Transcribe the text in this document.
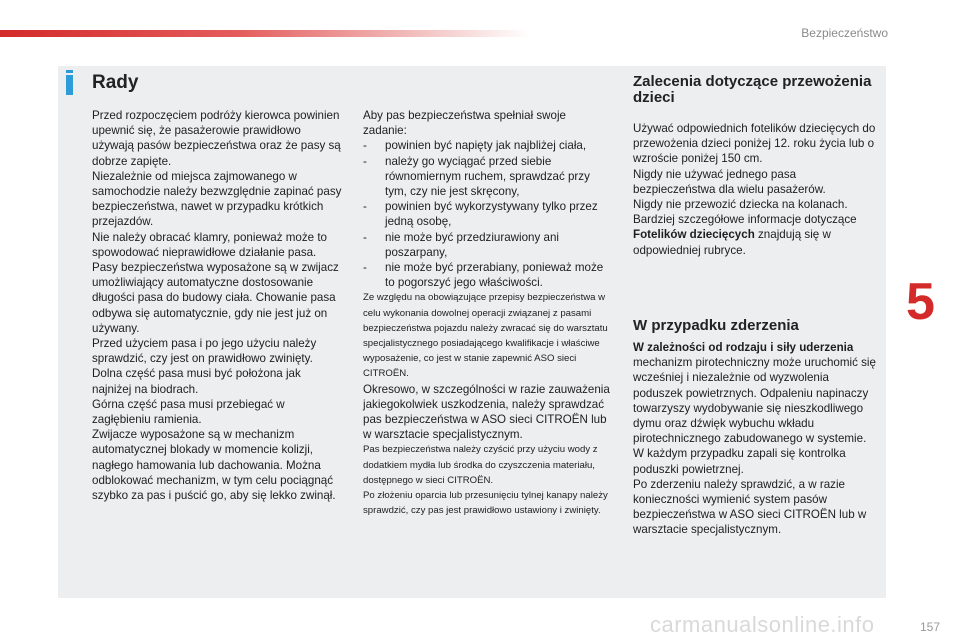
Bezpieczeństwo
Rady

Przed rozpoczęciem podróży kierowca powinien upewnić się, że pasażerowie prawidłowo używają pasów bezpieczeństwa oraz że pasy są dobrze zapięte.

Niezależnie od miejsca zajmowanego w samochodzie należy bezwzględnie zapinać pasy bezpieczeństwa, nawet w przypadku krótkich przejazdów.

Nie należy obracać klamry, ponieważ może to spowodować nieprawidłowe działanie pasa.

Pasy bezpieczeństwa wyposażone są w zwijacz umożliwiający automatyczne dostosowanie długości pasa do budowy ciała. Chowanie pasa odbywa się automatycznie, gdy nie jest już on używany.

Przed użyciem pasa i po jego użyciu należy sprawdzić, czy jest on prawidłowo zwinięty.

Dolna część pasa musi być położona jak najniżej na biodrach.

Górna część pasa musi przebiegać w zagłębieniu ramienia.

Zwijacze wyposażone są w mechanizm automatycznej blokady w momencie kolizji, nagłego hamowania lub dachowania. Można odblokować mechanizm, w tym celu pociągnąć szybko za pas i puścić go, aby się lekko zwinął.

Aby pas bezpieczeństwa spełniał swoje zadanie:

-	powinien być napięty jak najbliżej ciała,
-	należy go wyciągać przed siebie równomiernym ruchem, sprawdzać przy tym, czy nie jest skręcony,
-	powinien być wykorzystywany tylko przez jedną osobę,
-	nie może być przedziurawiony ani poszarpany,
-	nie może być przerabiany, ponieważ może to pogorszyć jego właściwości.

Ze względu na obowiązujące przepisy bezpieczeństwa w celu wykonania dowolnej operacji związanej z pasami bezpieczeństwa pojazdu należy zwracać się do warsztatu specjalistycznego posiadającego kwalifikacje i właściwe wyposażenie, co jest w stanie zapewnić ASO sieci CITROËN.

Okresowo, w szczególności w razie zauważenia jakiegokolwiek uszkodzenia, należy sprawdzać pas bezpieczeństwa w ASO sieci CITROËN lub w warsztacie specjalistycznym.

Pas bezpieczeństwa należy czyścić przy użyciu wody z dodatkiem mydła lub środka do czyszczenia materiału, dostępnego w sieci CITROËN.

Po złożeniu oparcia lub przesunięciu tylnej kanapy należy sprawdzić, czy pas jest prawidłowo ustawiony i zwinięty.

Zalecenia dotyczące przewożenia dzieci

Używać odpowiednich fotelików dziecięcych do przewożenia dzieci poniżej 12. roku życia lub o wzroście poniżej 150 cm.

Nigdy nie używać jednego pasa bezpieczeństwa dla wielu pasażerów.

Nigdy nie przewozić dziecka na kolanach.

Bardziej szczegółowe informacje dotyczące Fotelików dziecięcych znajdują się w odpowiedniej rubryce.

W przypadku zderzenia

W zależności od rodzaju i siły uderzenia mechanizm pirotechniczny może uruchomić się wcześniej i niezależnie od wyzwolenia poduszek powietrznych. Odpaleniu napinaczy towarzyszy wydobywanie się nieszkodliwego dymu oraz dźwięk wybuchu wkładu pirotechnicznego zabudowanego w systemie.

W każdym przypadku zapali się kontrolka poduszki powietrznej.

Po zderzeniu należy sprawdzić, a w razie konieczności wymienić system pasów bezpieczeństwa w ASO sieci CITROËN lub w warsztacie specjalistycznym.

5
carmanualsonline.info	157
